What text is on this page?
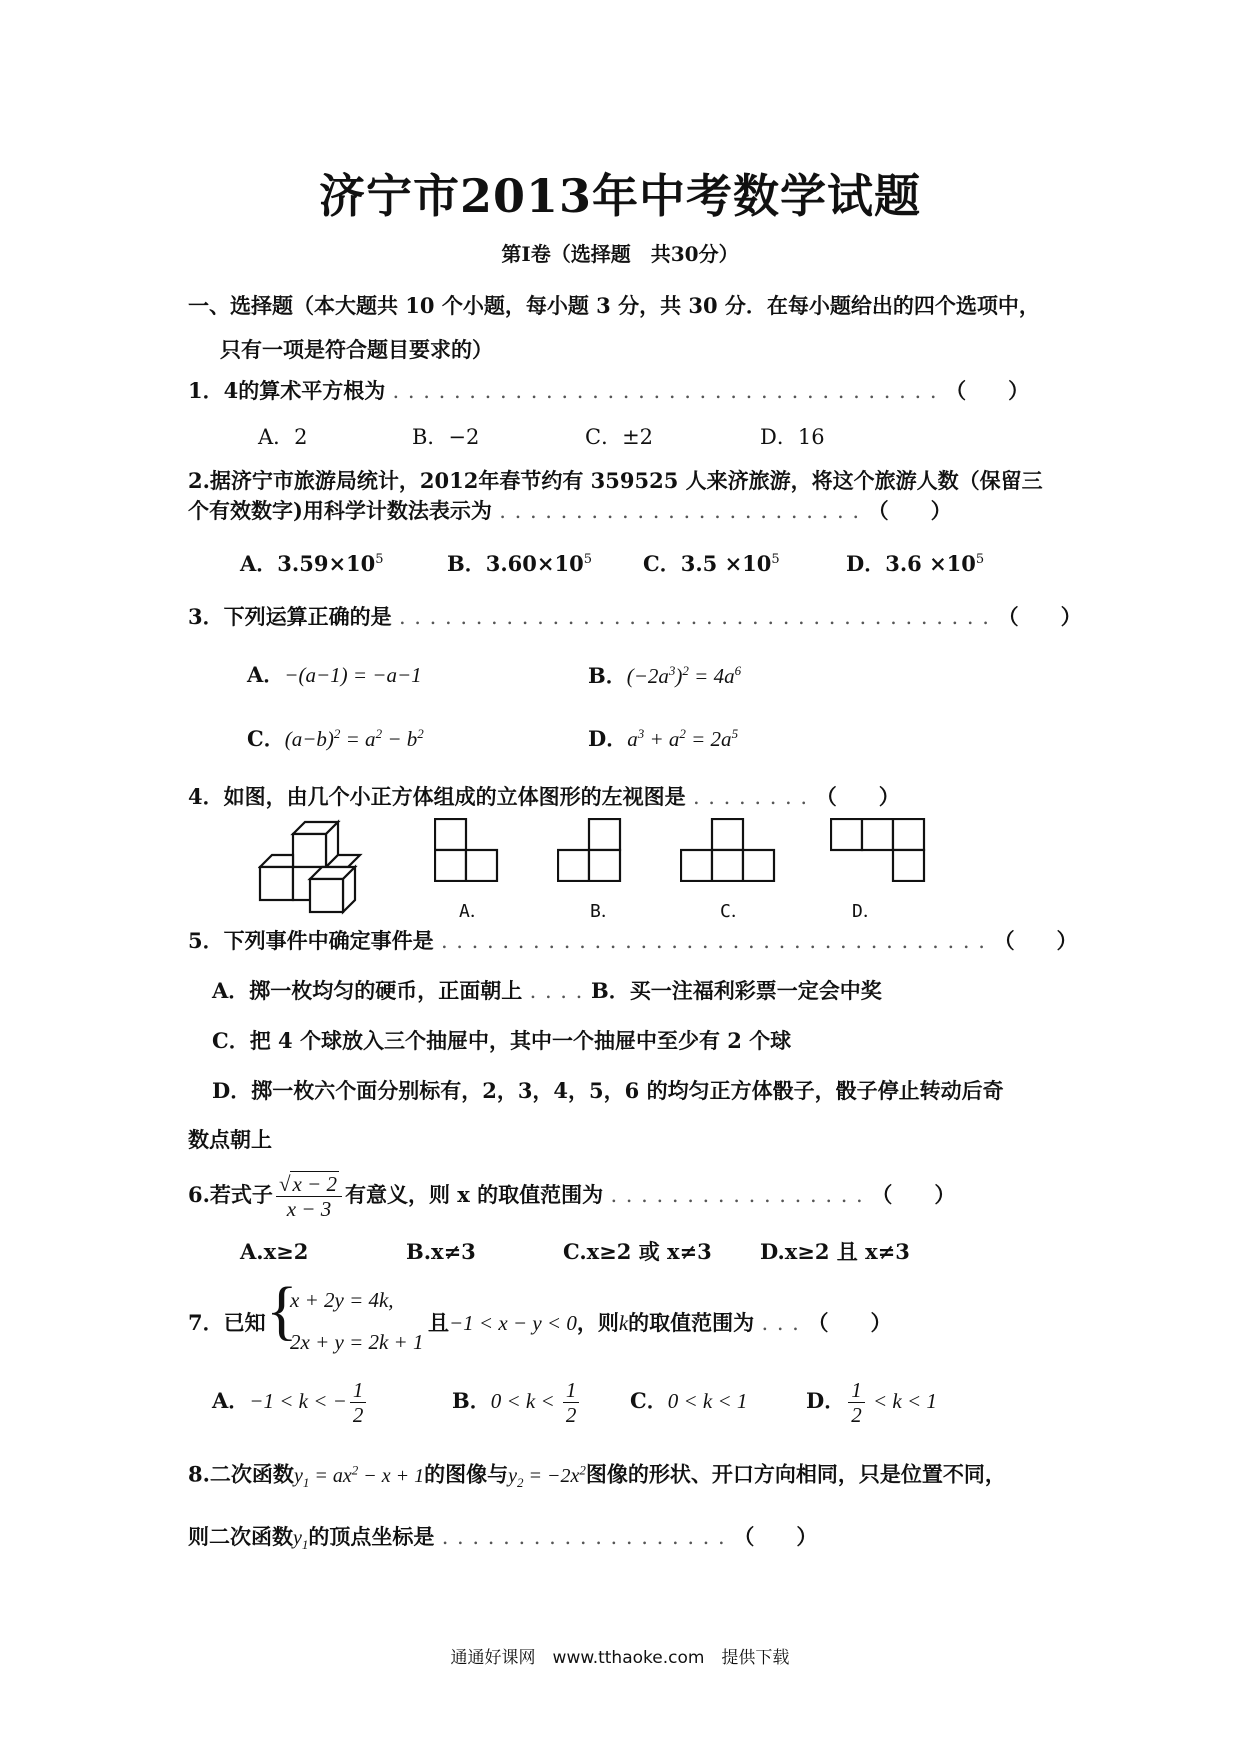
济宁市2013年中考数学试题
第Ⅰ卷（选择题　共30分）
一、选择题（本大题共 10 个小题，每小题 3 分，共 30 分．在每小题给出的四个选项中，
只有一项是符合题目要求的）
1．4的算术平方根为 . . . . . . . . . . . . . . . . . . . . . . . . . . . . . . . . . . . . （　　）
A．2	B．−2	C．±2	D．16
2.据济宁市旅游局统计，2012年春节约有 359525 人来济旅游，将这个旅游人数（保留三
个有效数字)用科学计数法表示为 . . . . . . . . . . . . . . . . . . . . . . . . （　　）
A．$3.59\times 10^5$	B．$3.60\times 10^5$ C．$3.5 \times 10^5$	D．$3.6 \times 10^5$
3．下列运算正确的是 . . . . . . . . . . . . . . . . . . . . . . . . . . . . . . . . . . . . . . . （　　）
A．−(a−1) = −a−1	B．$(-2a^3)^2 = 4a^6$
C．$(a-b)^2 = a^2 - b^2$	D．$a^3 + a^2 = 2a^5$
4．如图，由几个小正方体组成的立体图形的左视图是 . . . . . . . . （　　）
A．	B．	C．	D．
5．下列事件中确定事件是 . . . . . . . . . . . . . . . . . . . . . . . . . . . . . . . . . . . . （　　）
A．掷一枚均匀的硬币，正面朝上 . . . . B．买一注福利彩票一定会中奖
C．把 4 个球放入三个抽屉中，其中一个抽屉中至少有 2 个球
D．掷一枚六个面分别标有，2，3，4，5，6 的均匀正方体骰子，骰子停止转动后奇
数点朝上
6.若式子 $\frac{√x - 2}{x - 3}$ 有意义，则 x 的取值范围为 . . . . . . . . . . . . . . . . . （　　）
A.x≥2	B.x≠3	C.x≥2 或 x≠3 D.x≥2 且 x≠3
7．已知 {
x + 2y = 4k,
2x + y = 2k + 1
且−1 < x − y < 0，则k的取值范围为 . . . （　　）
A．−1 < k < − $\frac{1}{2}$	B．$0 < k < \frac{1}{2}$ C．0 < k < 1	D． $\frac{1}{2} < k < 1$
8.二次函数$y_1 = ax^2 - x + 1$的图像与$y_2 = -2x^2$图像的形状、开口方向相同，只是位置不同，
则二次函数$y_1$的顶点坐标是 . . . . . . . . . . . . . . . . . . . （　　）
通通好课网　www.tthaoke.com　提供下载
